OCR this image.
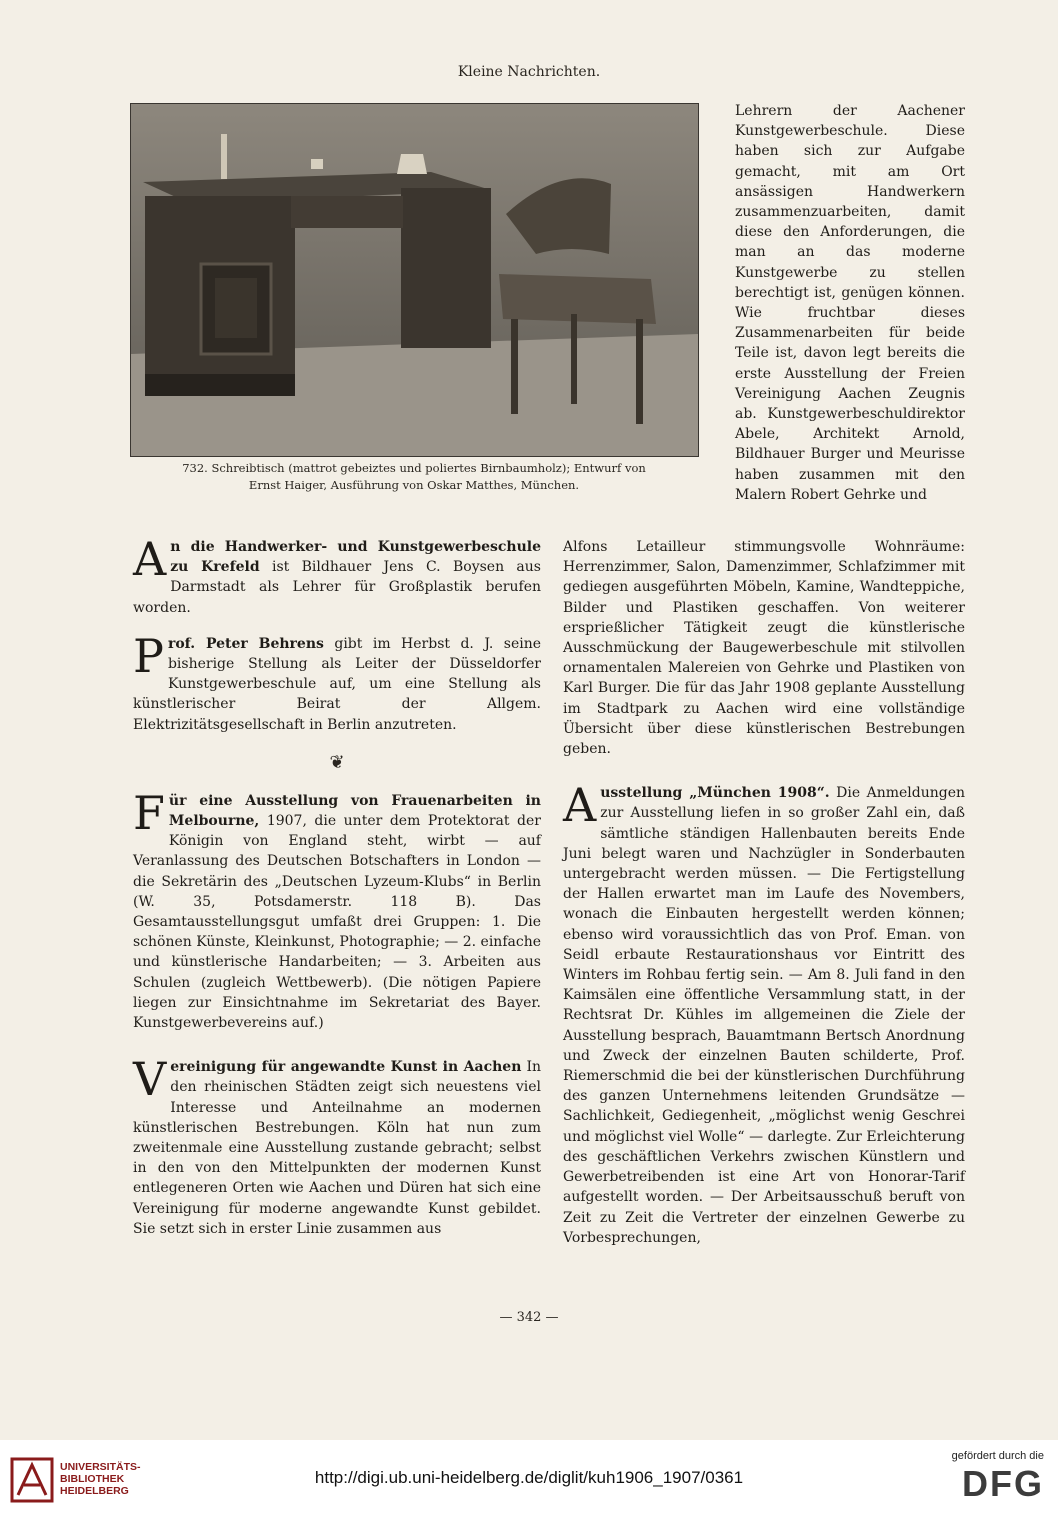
Kleine Nachrichten.
732. Schreibtisch (mattrot gebeiztes und poliertes Birnbaumholz); Entwurf von
Ernst Haiger, Ausführung von Oskar Matthes, München.

Lehrern der Aachener Kunstgewerbeschule. Diese haben sich zur Aufgabe gemacht, mit am Ort ansässigen Handwerkern zusammenzuarbeiten, damit diese den Anforderungen, die man an das moderne Kunstgewerbe zu stellen berechtigt ist, genügen können. Wie fruchtbar dieses Zusammenarbeiten für beide Teile ist, davon legt bereits die erste Ausstellung der Freien Vereinigung Aachen Zeugnis ab. Kunstgewerbeschuldirektor Abele, Architekt Arnold, Bildhauer Burger und Meurisse haben zusammen mit den Malern Robert Gehrke und

A n die Handwerker- und Kunstgewerbeschule zu Krefeld ist Bildhauer Jens C. Boysen aus Darmstadt als Lehrer für Großplastik berufen worden.

P rof. Peter Behrens gibt im Herbst d. J. seine bisherige Stellung als Leiter der Düsseldorfer Kunstgewerbeschule auf, um eine Stellung als künstlerischer Beirat der Allgem. Elektrizitätsgesellschaft in Berlin anzutreten.

❦

F ür eine Ausstellung von Frauenarbeiten in Melbourne, 1907, die unter dem Protektorat der Königin von England steht, wirbt — auf Veranlassung des Deutschen Botschafters in London — die Sekretärin des „Deutschen Lyzeum-Klubs“ in Berlin (W. 35, Potsdamerstr. 118 B). Das Gesamtausstellungsgut umfaßt drei Gruppen: 1. Die schönen Künste, Kleinkunst, Photographie; — 2. einfache und künstlerische Handarbeiten; — 3. Arbeiten aus Schulen (zugleich Wettbewerb). (Die nötigen Papiere liegen zur Einsichtnahme im Sekretariat des Bayer. Kunstgewerbevereins auf.)

V ereinigung für angewandte Kunst in Aachen In den rheinischen Städten zeigt sich neuestens viel Interesse und Anteilnahme an modernen künstlerischen Bestrebungen. Köln hat nun zum zweitenmale eine Ausstellung zustande gebracht; selbst in den von den Mittelpunkten der modernen Kunst entlegeneren Orten wie Aachen und Düren hat sich eine Vereinigung für moderne angewandte Kunst gebildet. Sie setzt sich in erster Linie zusammen aus

Alfons Letailleur stimmungsvolle Wohnräume: Herrenzimmer, Salon, Damenzimmer, Schlafzimmer mit gediegen ausgeführten Möbeln, Kamine, Wandteppiche, Bilder und Plastiken geschaffen. Von weiterer ersprießlicher Tätigkeit zeugt die künstlerische Ausschmückung der Baugewerbeschule mit stilvollen ornamentalen Malereien von Gehrke und Plastiken von Karl Burger. Die für das Jahr 1908 geplante Ausstellung im Stadtpark zu Aachen wird eine vollständige Übersicht über diese künstlerischen Bestrebungen geben.

A usstellung „München 1908“. Die Anmeldungen zur Ausstellung liefen in so großer Zahl ein, daß sämtliche ständigen Hallenbauten bereits Ende Juni belegt waren und Nachzügler in Sonderbauten untergebracht werden müssen. — Die Fertigstellung der Hallen erwartet man im Laufe des Novembers, wonach die Einbauten hergestellt werden können; ebenso wird voraussichtlich das von Prof. Eman. von Seidl erbaute Restaurationshaus vor Eintritt des Winters im Rohbau fertig sein. — Am 8. Juli fand in den Kaimsälen eine öffentliche Versammlung statt, in der Rechtsrat Dr. Kühles im allgemeinen die Ziele der Ausstellung besprach, Bauamtmann Bertsch Anordnung und Zweck der einzelnen Bauten schilderte, Prof. Riemerschmid die bei der künstlerischen Durchführung des ganzen Unternehmens leitenden Grundsätze — Sachlichkeit, Gediegenheit, „möglichst wenig Geschrei und möglichst viel Wolle“ — darlegte. Zur Erleichterung des geschäftlichen Verkehrs zwischen Künstlern und Gewerbetreibenden ist eine Art von Honorar-Tarif aufgestellt worden. — Der Arbeitsausschuß beruft von Zeit zu Zeit die Vertreter der einzelnen Gewerbe zu Vorbesprechungen,

— 342 —
UNIVERSITÄTS-
BIBLIOTHEK
HEIDELBERG
http://digi.ub.uni-heidelberg.de/diglit/kuh1906_1907/0361
gefördert durch die
DFG
